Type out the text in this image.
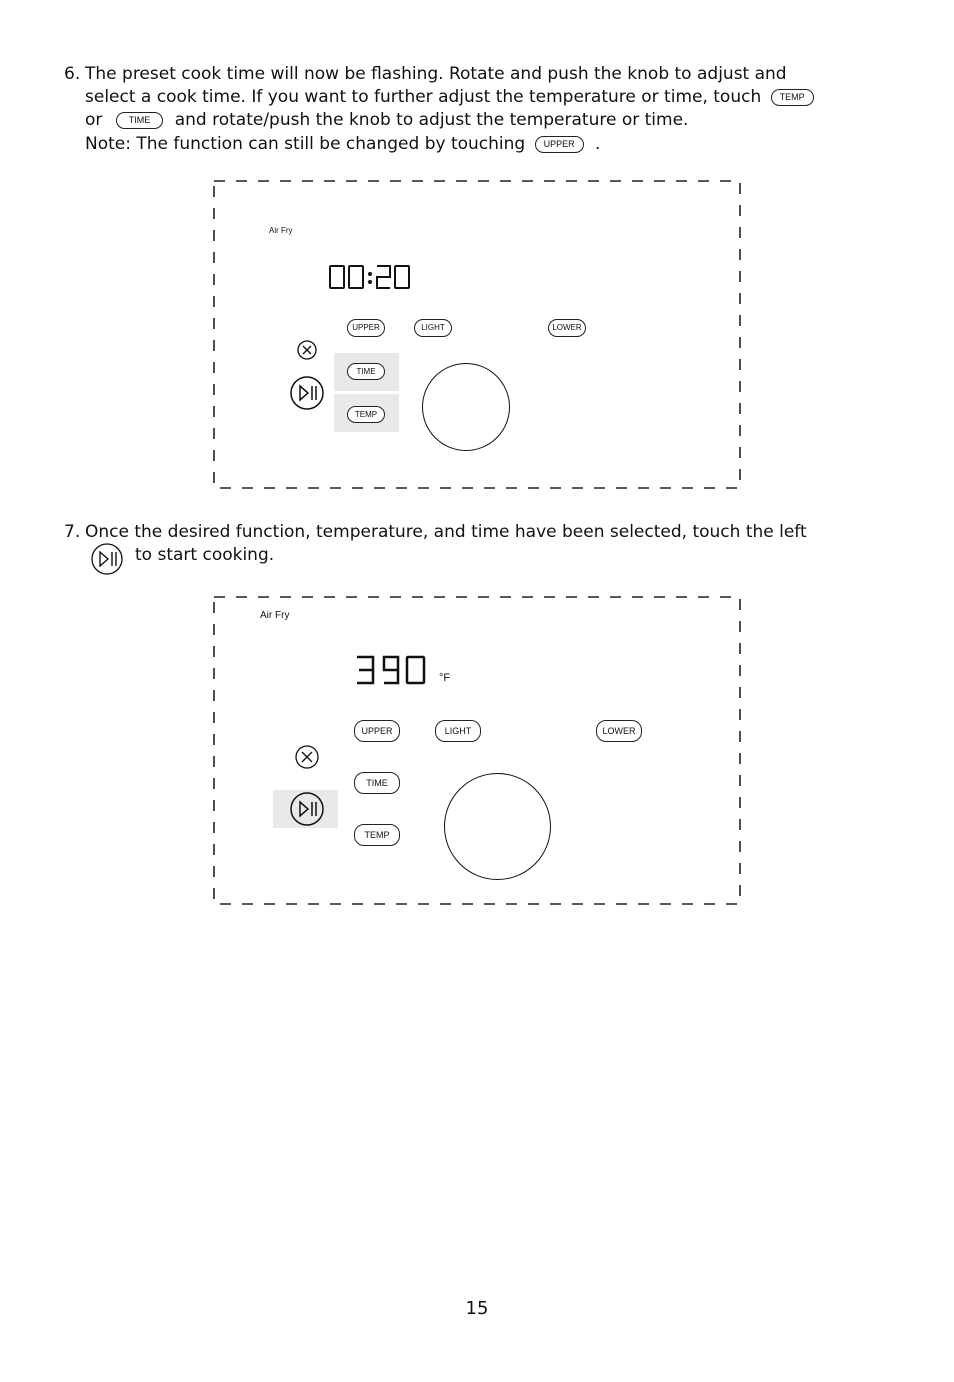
6. The preset cook time will now be flashing. Rotate and push the knob to adjust and
select a cook time. If you want to further adjust the temperature or time, touch TEMP
or	TIME and rotate/push the knob to adjust the temperature or time.
Note: The function can still be changed by touching UPPER .
Air Fry
UPPER	LIGHT	LOWER
TIME
TEMP
7. Once the desired function, temperature, and time have been selected, touch the left
to start cooking.
Air Fry
°F
UPPER	LIGHT	LOWER
TIME
TEMP
15
